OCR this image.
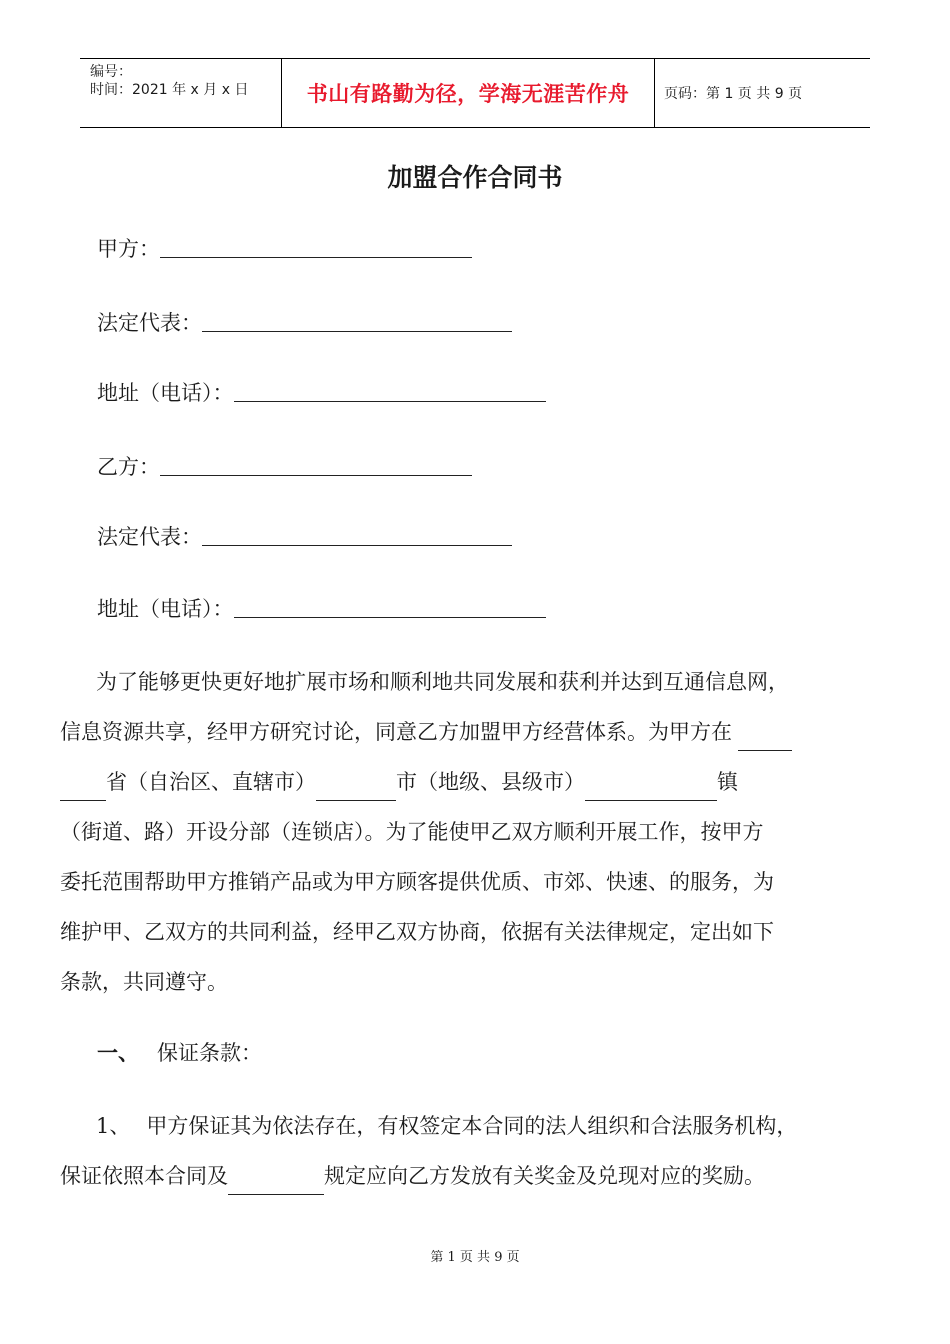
编号：
时间：2021 年 x 月 x 日	书山有路勤为径，学海无涯苦作舟	页码：第 1 页 共 9 页
加盟合作合同书
甲方：
法定代表：
地址（电话）：
乙方：
法定代表：
地址（电话）：

为了能够更快更好地扩展市场和顺利地共同发展和获利并达到互通信息网，

信息资源共享，经甲方研究讨论，同意乙方加盟甲方经营体系。为甲方在

省（自治区、直辖市）	市（地级、县级市）	镇

（街道、路）开设分部（连锁店）。为了能使甲乙双方顺利开展工作，按甲方

委托范围帮助甲方推销产品或为甲方顾客提供优质、市郊、快速、的服务，为

维护甲、乙双方的共同利益，经甲乙双方协商，依据有关法律规定，定出如下

条款，共同遵守。

一、 保证条款：

1、 甲方保证其为依法存在，有权签定本合同的法人组织和合法服务机构，

保证依照本合同及	规定应向乙方发放有关奖金及兑现对应的奖励。

第 1 页 共 9 页
